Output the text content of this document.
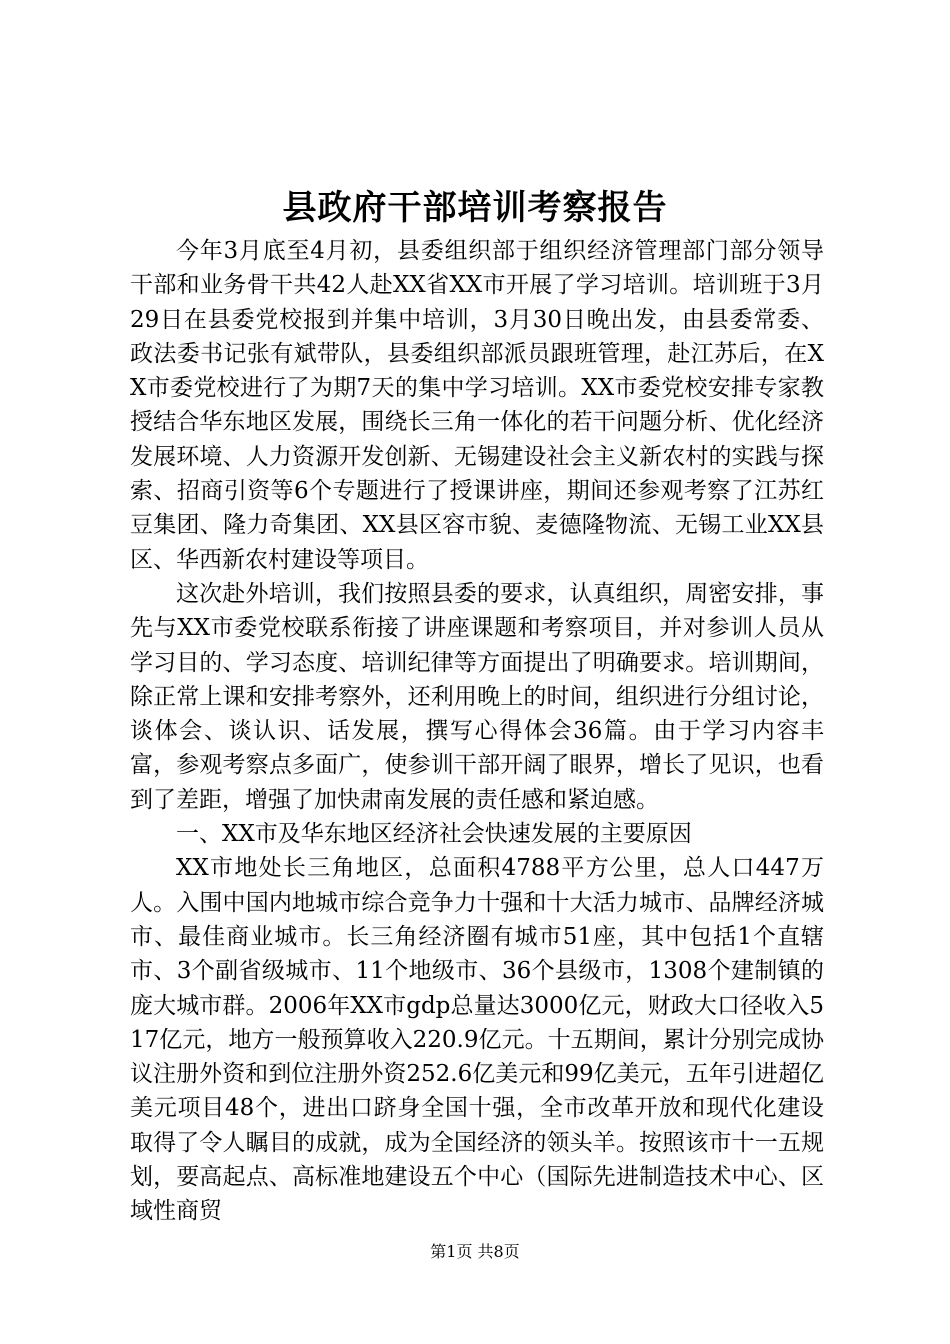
县政府干部培训考察报告

今年3月底至4月初，县委组织部于组织经济管理部门部分领导干部和业务骨干共42人赴XX省XX市开展了学习培训。培训班于3月29日在县委党校报到并集中培训，3月30日晚出发，由县委常委、政法委书记张有斌带队，县委组织部派员跟班管理，赴江苏后，在XX市委党校进行了为期7天的集中学习培训。XX市委党校安排专家教授结合华东地区发展，围绕长三角一体化的若干问题分析、优化经济发展环境、人力资源开发创新、无锡建设社会主义新农村的实践与探索、招商引资等6个专题进行了授课讲座，期间还参观考察了江苏红豆集团、隆力奇集团、XX县区容市貌、麦德隆物流、无锡工业XX县区、华西新农村建设等项目。

这次赴外培训，我们按照县委的要求，认真组织，周密安排，事先与XX市委党校联系衔接了讲座课题和考察项目，并对参训人员从学习目的、学习态度、培训纪律等方面提出了明确要求。培训期间，除正常上课和安排考察外，还利用晚上的时间，组织进行分组讨论，谈体会、谈认识、话发展，撰写心得体会36篇。由于学习内容丰富，参观考察点多面广，使参训干部开阔了眼界，增长了见识，也看到了差距，增强了加快肃南发展的责任感和紧迫感。

一、XX市及华东地区经济社会快速发展的主要原因

XX市地处长三角地区，总面积4788平方公里，总人口447万人。入围中国内地城市综合竞争力十强和十大活力城市、品牌经济城市、最佳商业城市。长三角经济圈有城市51座，其中包括1个直辖市、3个副省级城市、11个地级市、36个县级市，1308个建制镇的庞大城市群。2006年XX市gdp总量达3000亿元，财政大口径收入517亿元，地方一般预算收入220.9亿元。十五期间，累计分别完成协议注册外资和到位注册外资252.6亿美元和99亿美元，五年引进超亿美元项目48个，进出口跻身全国十强，全市改革开放和现代化建设取得了令人瞩目的成就，成为全国经济的领头羊。按照该市十一五规划，要高起点、高标准地建设五个中心（国际先进制造技术中心、区域性商贸

第1页 共8页
